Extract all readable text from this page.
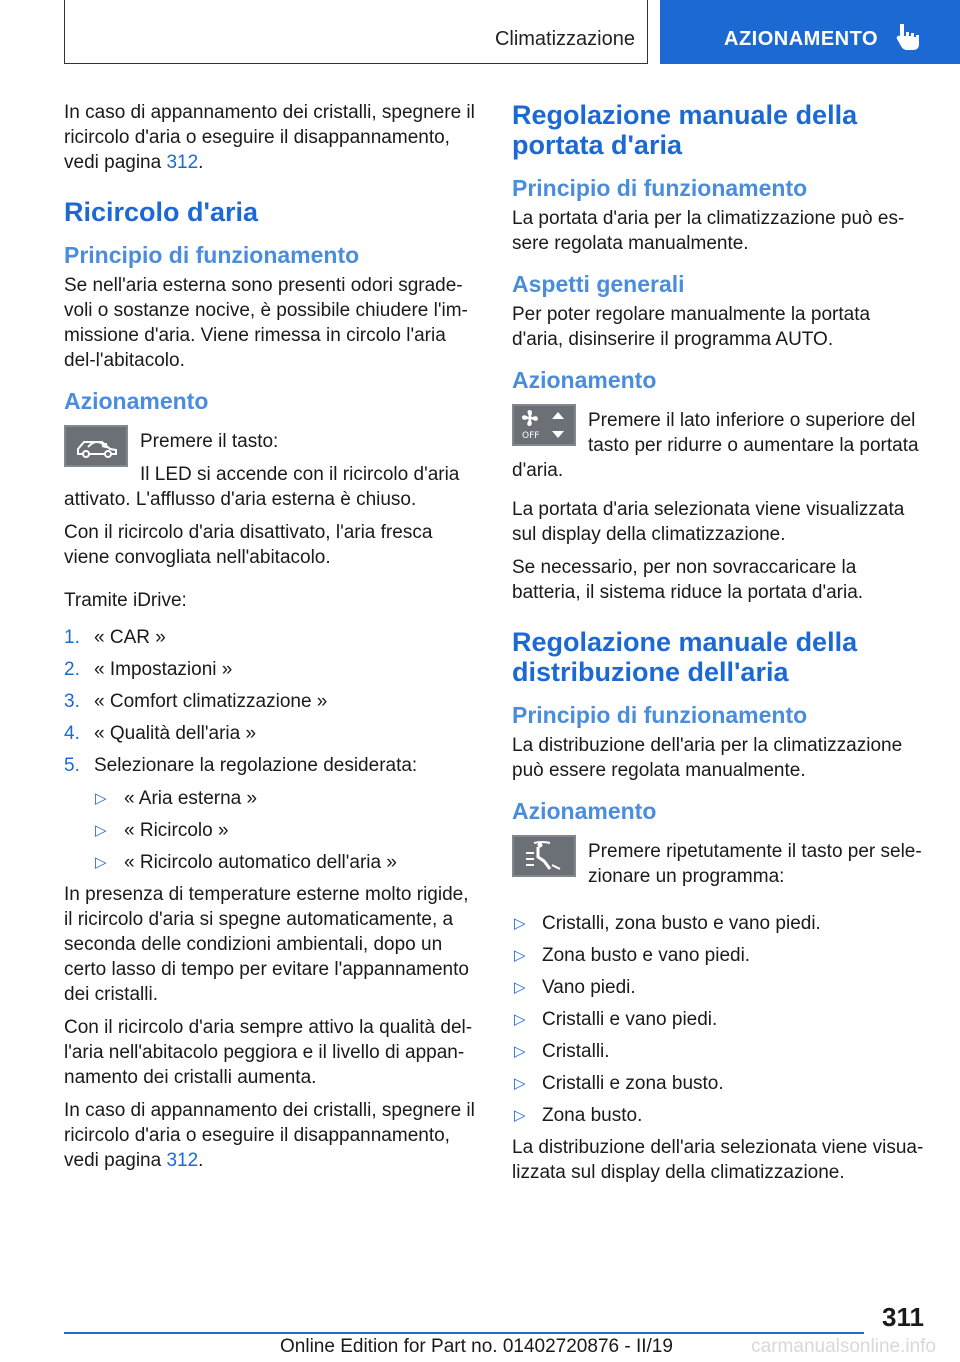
Climatizzazione	AZIONAMENTO

In caso di appannamento dei cristalli, spegnere il ricircolo d'aria o eseguire il disappannamento, vedi pagina 312.

Ricircolo d'aria
Principio di funzionamento

Se nell'aria esterna sono presenti odori sgrade-voli o sostanze nocive, è possibile chiudere l'im-missione d'aria. Viene rimessa in circolo l'aria del-l'abitacolo.

Azionamento

Premere il tasto:

Il LED si accende con il ricircolo d'aria attivato. L'afflusso d'aria esterna è chiuso.

Con il ricircolo d'aria disattivato, l'aria fresca viene convogliata nell'abitacolo.

Tramite iDrive:

1. « CAR »
2. « Impostazioni »
3. « Comfort climatizzazione »
4. « Qualità dell'aria »
5. Selezionare la regolazione desiderata:
▷ « Aria esterna »
▷ « Ricircolo »
▷ « Ricircolo automatico dell'aria »

In presenza di temperature esterne molto rigide, il ricircolo d'aria si spegne automaticamente, a seconda delle condizioni ambientali, dopo un certo lasso di tempo per evitare l'appannamento dei cristalli.

Con il ricircolo d'aria sempre attivo la qualità del-l'aria nell'abitacolo peggiora e il livello di appan-namento dei cristalli aumenta.

In caso di appannamento dei cristalli, spegnere il ricircolo d'aria o eseguire il disappannamento, vedi pagina 312.

Regolazione manuale della portata d'aria
Principio di funzionamento

La portata d'aria per la climatizzazione può es-sere regolata manualmente.

Aspetti generali

Per poter regolare manualmente la portata d'aria, disinserire il programma AUTO.

Azionamento
OFF

Premere il lato inferiore o superiore del tasto per ridurre o aumentare la portata d'aria.

La portata d'aria selezionata viene visualizzata sul display della climatizzazione.

Se necessario, per non sovraccaricare la batteria, il sistema riduce la portata d'aria.

Regolazione manuale della distribuzione dell'aria
Principio di funzionamento

La distribuzione dell'aria per la climatizzazione può essere regolata manualmente.

Azionamento

Premere ripetutamente il tasto per sele-zionare un programma:

▷ Cristalli, zona busto e vano piedi.
▷ Zona busto e vano piedi.
▷ Vano piedi.
▷ Cristalli e vano piedi.
▷ Cristalli.
▷ Cristalli e zona busto.
▷ Zona busto.

La distribuzione dell'aria selezionata viene visua-lizzata sul display della climatizzazione.

311
Online Edition for Part no. 01402720876 - II/19	carmanualsonline.info
